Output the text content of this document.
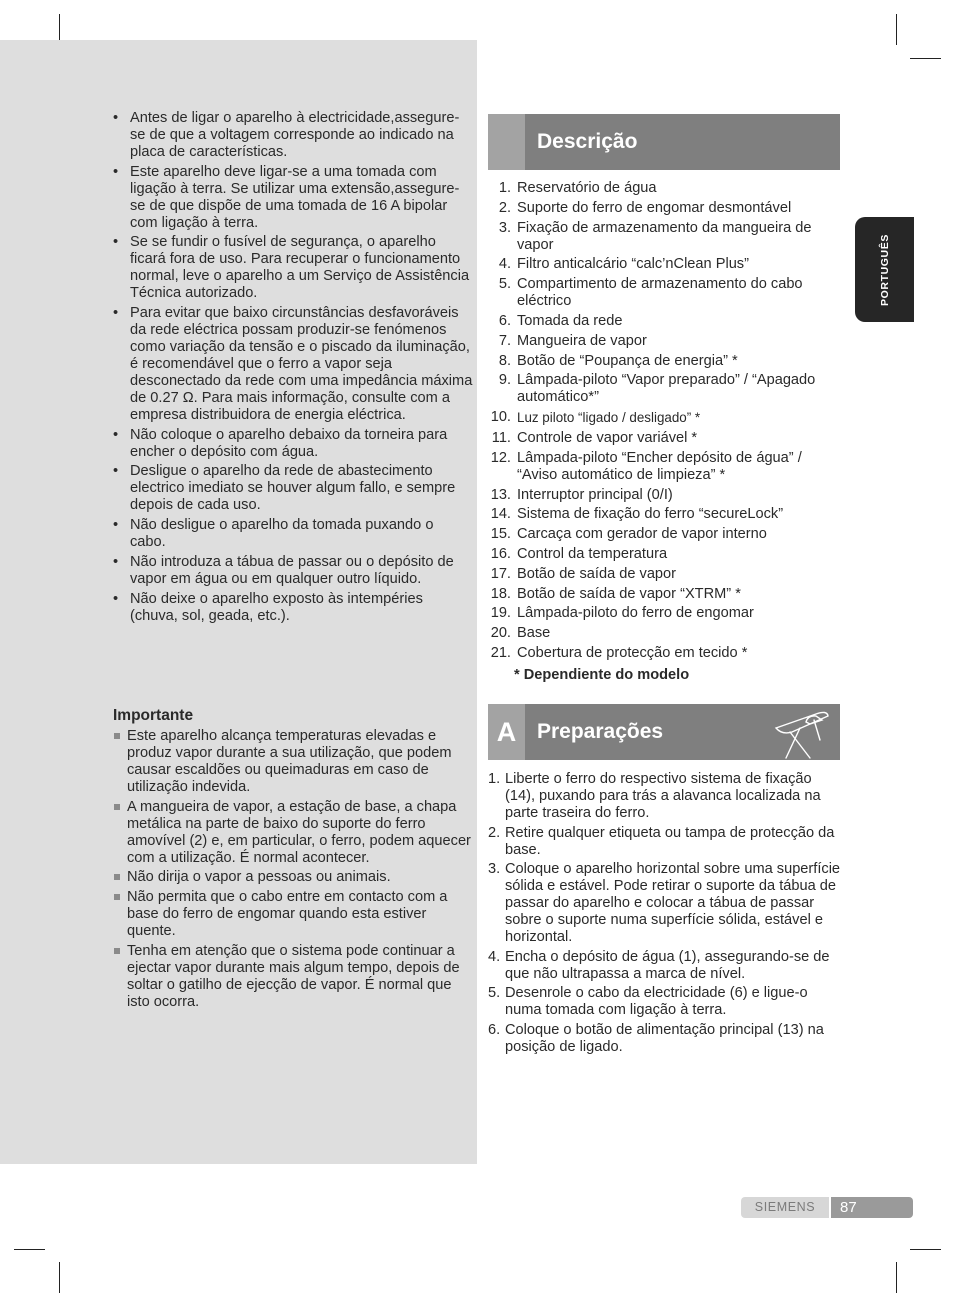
• Antes de ligar o aparelho à electricidade,assegure-se de que a voltagem corresponde ao indicado na placa de características.
• Este aparelho deve ligar-se a uma tomada com ligação à terra. Se utilizar uma extensão,assegure-se de que dispõe de uma tomada de 16 A bipolar com ligação à terra.
• Se se fundir o fusível de segurança, o aparelho ficará fora de uso. Para recuperar o funcionamento normal, leve o aparelho a um Serviço de Assistência Técnica autorizado.
• Para evitar que baixo circunstâncias desfavoráveis da rede eléctrica possam produzir-se fenómenos como variação da tensão e o piscado da iluminação, é recomendável que o ferro a vapor seja desconectado da rede com uma impedância máxima de 0.27 Ω. Para mais informação, consulte com a empresa distribuidora de energia eléctrica.
• Não coloque o aparelho debaixo da torneira para encher o depósito com água.
• Desligue o aparelho da rede de abastecimento electrico imediato se houver algum fallo, e sempre depois de cada uso.
• Não desligue o aparelho da tomada puxando o cabo.
• Não introduza a tábua de passar ou o depósito de vapor em água ou em qualquer outro líquido.
• Não deixe o aparelho exposto às intempéries (chuva, sol, geada, etc.).
Importante
Este aparelho alcança temperaturas elevadas e produz vapor durante a sua utilização, que podem causar escaldões ou queimaduras em caso de utilização indevida.
A mangueira de vapor, a estação de base, a chapa metálica na parte de baixo do suporte do ferro amovível (2) e, em particular, o ferro, podem aquecer com a utilização. É normal acontecer.
Não dirija o vapor a pessoas ou animais.
Não permita que o cabo entre em contacto com a base do ferro de engomar quando esta estiver quente.
Tenha em atenção que o sistema pode continuar a ejectar vapor durante mais algum tempo, depois de soltar o gatilho de ejecção de vapor. É normal que isto ocorra.
Descrição
1. Reservatório de água
2. Suporte do ferro de engomar desmontável
3. Fixação de armazenamento da mangueira de vapor
4. Filtro anticalcário “calc’nClean Plus”
5. Compartimento de armazenamento do cabo eléctrico
6. Tomada da rede
7. Mangueira de vapor
8. Botão de “Poupança de energia” *
9. Lâmpada-piloto “Vapor preparado” / “Apagado automático*”
10. Luz piloto “ligado / desligado” *
11. Controle de vapor variável *
12. Lâmpada-piloto “Encher depósito de água” / “Aviso automático de limpieza” *
13. Interruptor principal (0/I)
14. Sistema de fixação do ferro “secureLock”
15. Carcaça com gerador de vapor interno
16. Control da temperatura
17. Botão de saída de vapor
18. Botão de saída de vapor “XTRM” *
19. Lâmpada-piloto do ferro de engomar
20. Base
21. Cobertura de protecção em tecido *
* Dependiente do modelo
A Preparações
1. Liberte o ferro do respectivo sistema de fixação (14), puxando para trás a alavanca localizada na parte traseira do ferro.
2. Retire qualquer etiqueta ou tampa de protecção da base.
3. Coloque o aparelho horizontal sobre uma superfície sólida e estável. Pode retirar o suporte da tábua de passar do aparelho e colocar a tábua de passar sobre o suporte numa superfície sólida, estável e horizontal.
4. Encha o depósito de água (1), assegurando-se de que não ultrapassa a marca de nível.
5. Desenrole o cabo da electricidade (6) e ligue-o numa tomada com ligação à terra.
6. Coloque o botão de alimentação principal (13) na posição de ligado.
PORTUGUÊS
SIEMENS	87
